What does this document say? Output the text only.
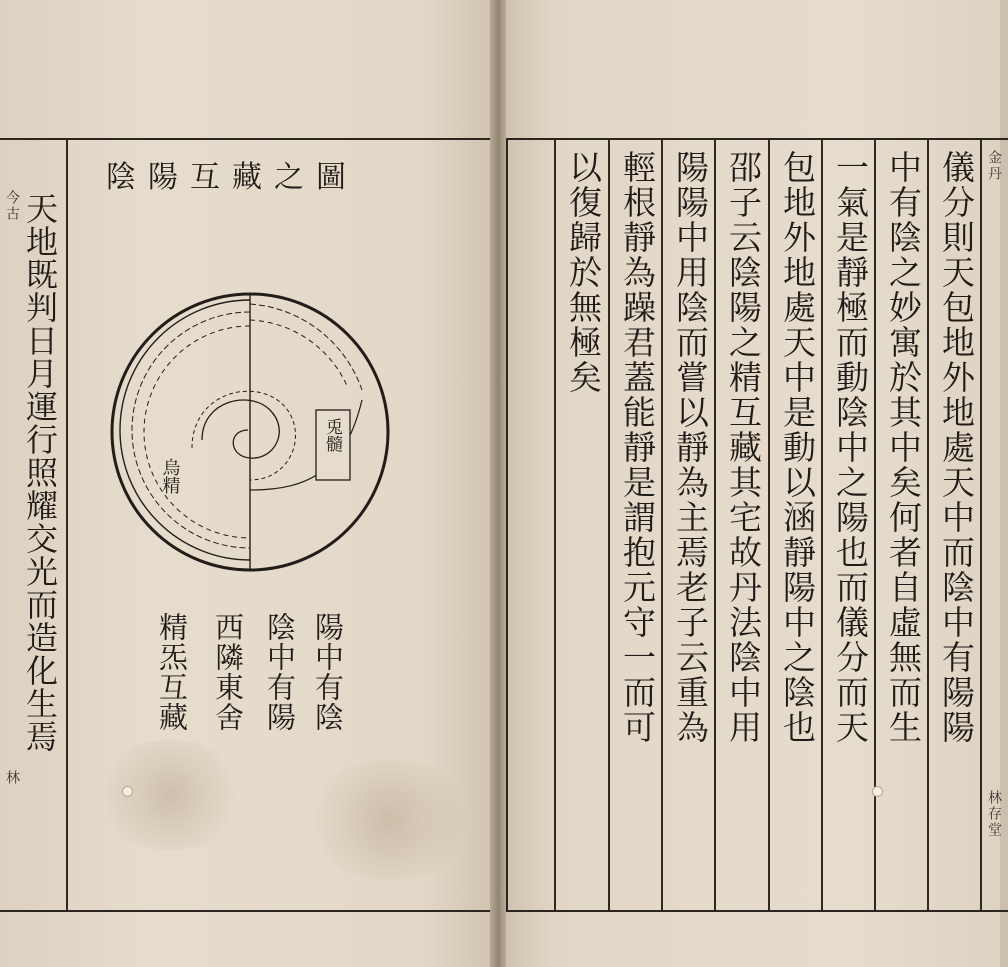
今古
林
天地既判日月運行照耀交光而造化生焉
陰陽互藏之圖
烏精
兎髓
陽中有陰
陰中有陽
西隣東舍
精炁互藏	儀分則天包地外地處天中而陰中有陽陽
中有陰之妙寓於其中矣何者自虛無而生
一氣是靜極而動陰中之陽也而儀分而天
包地外地處天中是動以涵靜陽中之陰也
邵子云陰陽之精互藏其宅故丹法陰中用
陽陽中用陰而嘗以靜為主焉老子云重為
輕根靜為躁君蓋能靜是謂抱元守一而可
以復歸於無極矣	金丹
林存堂
